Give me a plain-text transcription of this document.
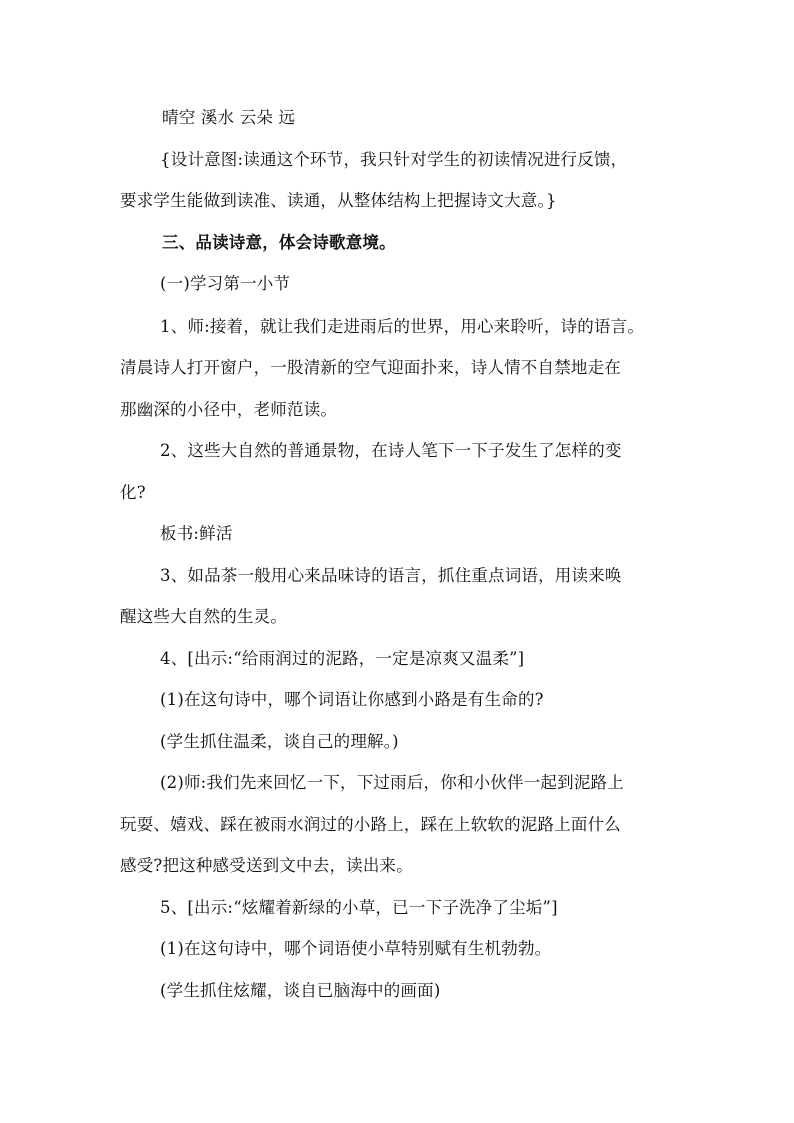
晴空 溪水 云朵 远
{设计意图:读通这个环节，我只针对学生的初读情况进行反馈，
要求学生能做到读准、读通，从整体结构上把握诗文大意。}
三、品读诗意，体会诗歌意境。
(一)学习第一小节
1、师:接着，就让我们走进雨后的世界，用心来聆听，诗的语言。
清晨诗人打开窗户，一股清新的空气迎面扑来，诗人情不自禁地走在
那幽深的小径中，老师范读。
2、这些大自然的普通景物，在诗人笔下一下子发生了怎样的变
化?
板书:鲜活
3、如品茶一般用心来品味诗的语言，抓住重点词语，用读来唤
醒这些大自然的生灵。
4、[出示:“给雨润过的泥路，一定是凉爽又温柔”]
(1)在这句诗中，哪个词语让你感到小路是有生命的?
(学生抓住温柔，谈自己的理解。)
(2)师:我们先来回忆一下，下过雨后，你和小伙伴一起到泥路上
玩耍、嬉戏、踩在被雨水润过的小路上，踩在上软软的泥路上面什么
感受?把这种感受送到文中去，读出来。
5、[出示:“炫耀着新绿的小草，已一下子洗净了尘垢”]
(1)在这句诗中，哪个词语使小草特别赋有生机勃勃。
(学生抓住炫耀，谈自已脑海中的画面)
